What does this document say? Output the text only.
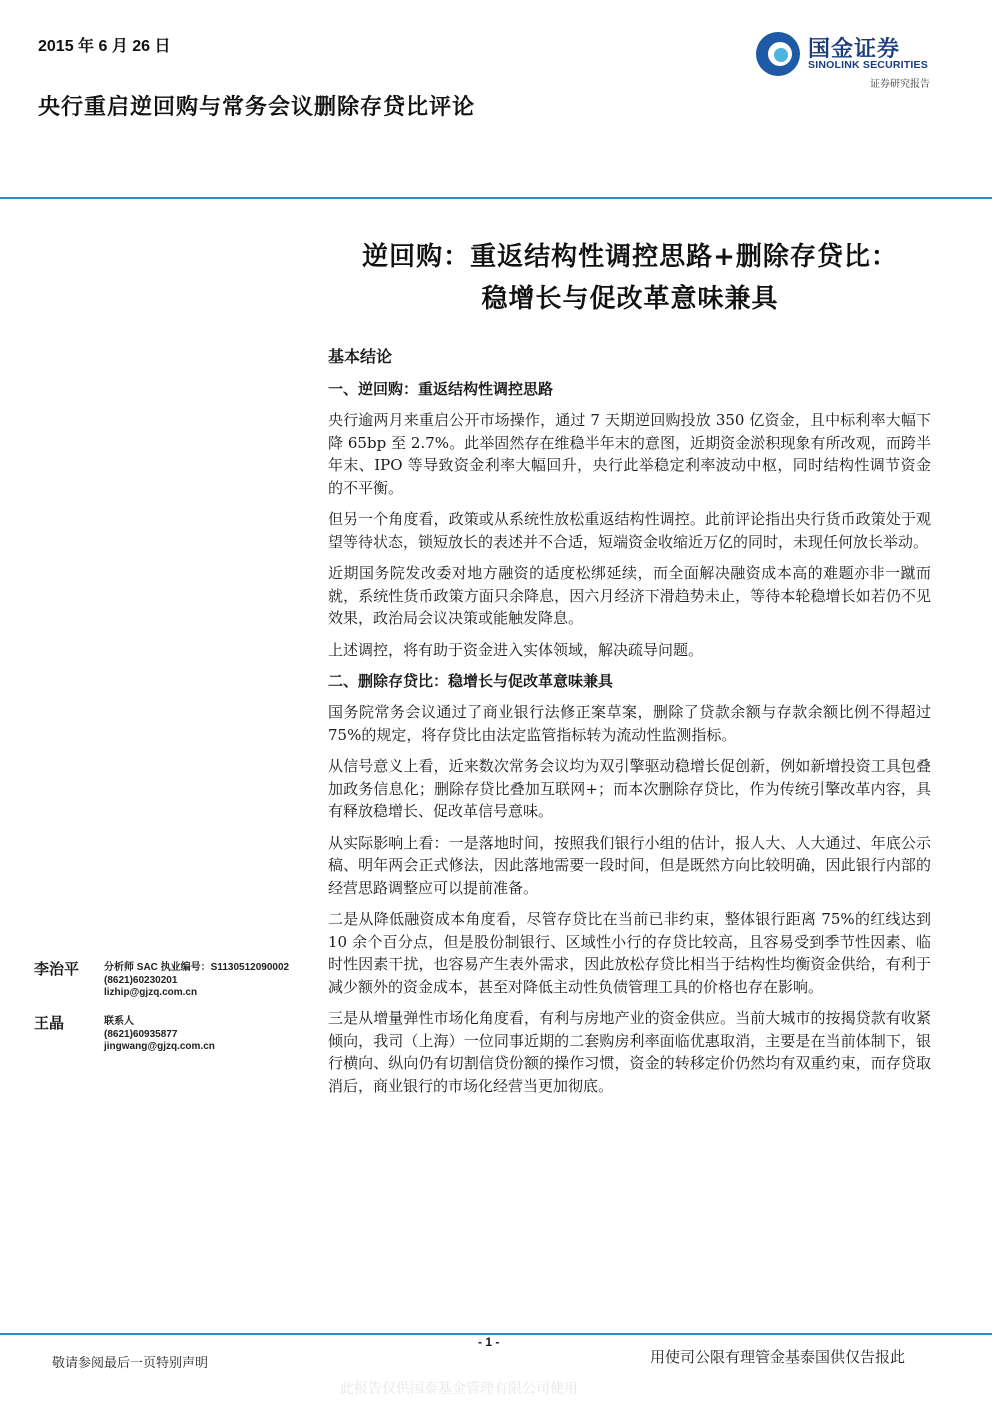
2015 年 6 月 26 日
央行重启逆回购与常务会议删除存贷比评论
国金证券
SINOLINK SECURITIES
证券研究报告
逆回购：重返结构性调控思路+删除存贷比：
稳增长与促改革意味兼具
基本结论
一、逆回购：重返结构性调控思路

央行逾两月来重启公开市场操作，通过 7 天期逆回购投放 350 亿资金，且中标利率大幅下降 65bp 至 2.7%。此举固然存在维稳半年末的意图，近期资金淤积现象有所改观，而跨半年末、IPO 等导致资金利率大幅回升，央行此举稳定利率波动中枢，同时结构性调节资金的不平衡。

但另一个角度看，政策或从系统性放松重返结构性调控。此前评论指出央行货币政策处于观望等待状态，锁短放长的表述并不合适，短端资金收缩近万亿的同时，未现任何放长举动。

近期国务院发改委对地方融资的适度松绑延续，而全面解决融资成本高的难题亦非一蹴而就，系统性货币政策方面只余降息，因六月经济下滑趋势未止，等待本轮稳增长如若仍不见效果，政治局会议决策或能触发降息。

上述调控，将有助于资金进入实体领域，解决疏导问题。

二、删除存贷比：稳增长与促改革意味兼具

国务院常务会议通过了商业银行法修正案草案，删除了贷款余额与存款余额比例不得超过 75%的规定，将存贷比由法定监管指标转为流动性监测指标。

从信号意义上看，近来数次常务会议均为双引擎驱动稳增长促创新，例如新增投资工具包叠加政务信息化；删除存贷比叠加互联网+；而本次删除存贷比，作为传统引擎改革内容，具有释放稳增长、促改革信号意味。

从实际影响上看：一是落地时间，按照我们银行小组的估计，报人大、人大通过、年底公示稿、明年两会正式修法，因此落地需要一段时间，但是既然方向比较明确，因此银行内部的经营思路调整应可以提前准备。

二是从降低融资成本角度看，尽管存贷比在当前已非约束，整体银行距离 75%的红线达到 10 余个百分点，但是股份制银行、区域性小行的存贷比较高，且容易受到季节性因素、临时性因素干扰，也容易产生表外需求，因此放松存贷比相当于结构性均衡资金供给，有利于减少额外的资金成本，甚至对降低主动性负债管理工具的价格也存在影响。

三是从增量弹性市场化角度看，有利与房地产业的资金供应。当前大城市的按揭贷款有收紧倾向，我司（上海）一位同事近期的二套购房利率面临优惠取消，主要是在当前体制下，银行横向、纵向仍有切割信贷份额的操作习惯，资金的转移定价仍然均有双重约束，而存贷取消后，商业银行的市场化经营当更加彻底。

李治平 分析师 SAC 执业编号：S1130512090002
(8621)60230201
lizhip@gjzq.com.cn
王晶	联系人
(8621)60935877
jingwang@gjzq.com.cn
- 1 -
敬请参阅最后一页特别声明	用使司公限有理管金基泰国供仅告报此
此报告仅供国泰基金管理有限公司使用
